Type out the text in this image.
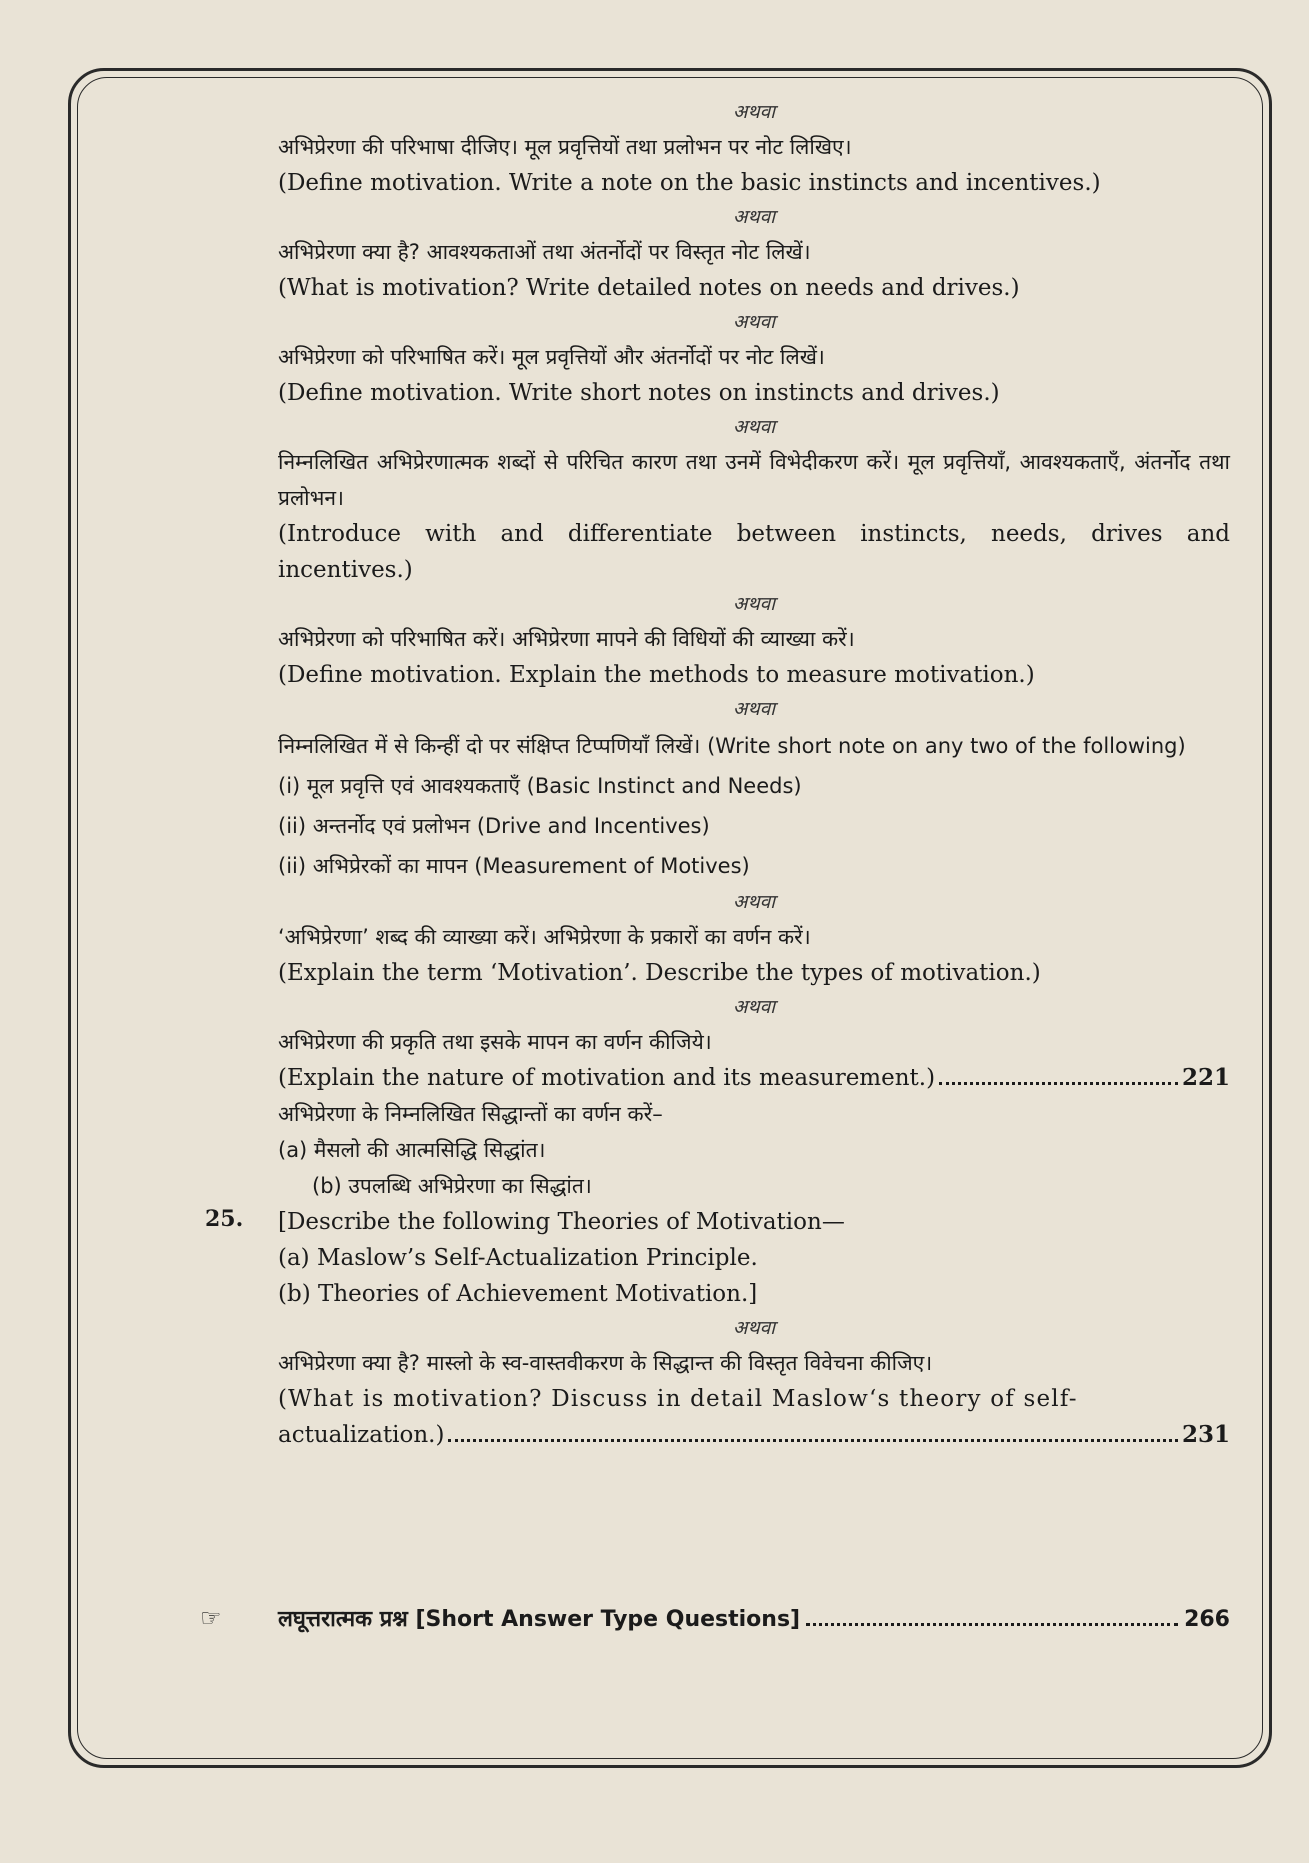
अथवा
अभिप्रेरणा की परिभाषा दीजिए। मूल प्रवृत्तियों तथा प्रलोभन पर नोट लिखिए।
(Define motivation. Write a note on the basic instincts and incentives.)
अथवा
अभिप्रेरणा क्या है? आवश्यकताओं तथा अंतर्नोदों पर विस्तृत नोट लिखें।
(What is motivation? Write detailed notes on needs and drives.)
अथवा
अभिप्रेरणा को परिभाषित करें। मूल प्रवृत्तियों और अंतर्नोदों पर नोट लिखें।
(Define motivation. Write short notes on instincts and drives.)
अथवा
निम्नलिखित अभिप्रेरणात्मक शब्दों से परिचित कारण तथा उनमें विभेदीकरण करें। मूल प्रवृत्तियाँ, आवश्यकताएँ, अंतर्नोद तथा प्रलोभन।
(Introduce with and differentiate between instincts, needs, drives and incentives.)
अथवा
अभिप्रेरणा को परिभाषित करें। अभिप्रेरणा मापने की विधियों की व्याख्या करें।
(Define motivation. Explain the methods to measure motivation.)
अथवा
निम्नलिखित में से किन्हीं दो पर संक्षिप्त टिप्पणियाँ लिखें। (Write short note on any two of the following)
(i) मूल प्रवृत्ति एवं आवश्यकताएँ (Basic Instinct and Needs)
(ii) अन्तर्नोद एवं प्रलोभन (Drive and Incentives)
(ii) अभिप्रेरकों का मापन (Measurement of Motives)
अथवा
‘अभिप्रेरणा’ शब्द की व्याख्या करें। अभिप्रेरणा के प्रकारों का वर्णन करें।
(Explain the term ‘Motivation’. Describe the types of motivation.)
अथवा
अभिप्रेरणा की प्रकृति तथा इसके मापन का वर्णन कीजिये।
(Explain the nature of motivation and its measurement.)	221
अभिप्रेरणा के निम्नलिखित सिद्धान्तों का वर्णन करें–
(a) मैसलो की आत्मसिद्धि सिद्धांत।
(b) उपलब्धि अभिप्रेरणा का सिद्धांत।
[Describe the following Theories of Motivation—
(a) Maslow’s Self-Actualization Principle.
(b) Theories of Achievement Motivation.]
अथवा
अभिप्रेरणा क्या है? मास्लो के स्व-वास्तवीकरण के सिद्धान्त की विस्तृत विवेचना कीजिए।
(What is motivation? Discuss in detail Maslow‘s theory of self-
actualization.)	231
25.
☞	लघूत्तरात्मक प्रश्न [Short Answer Type Questions]	266
